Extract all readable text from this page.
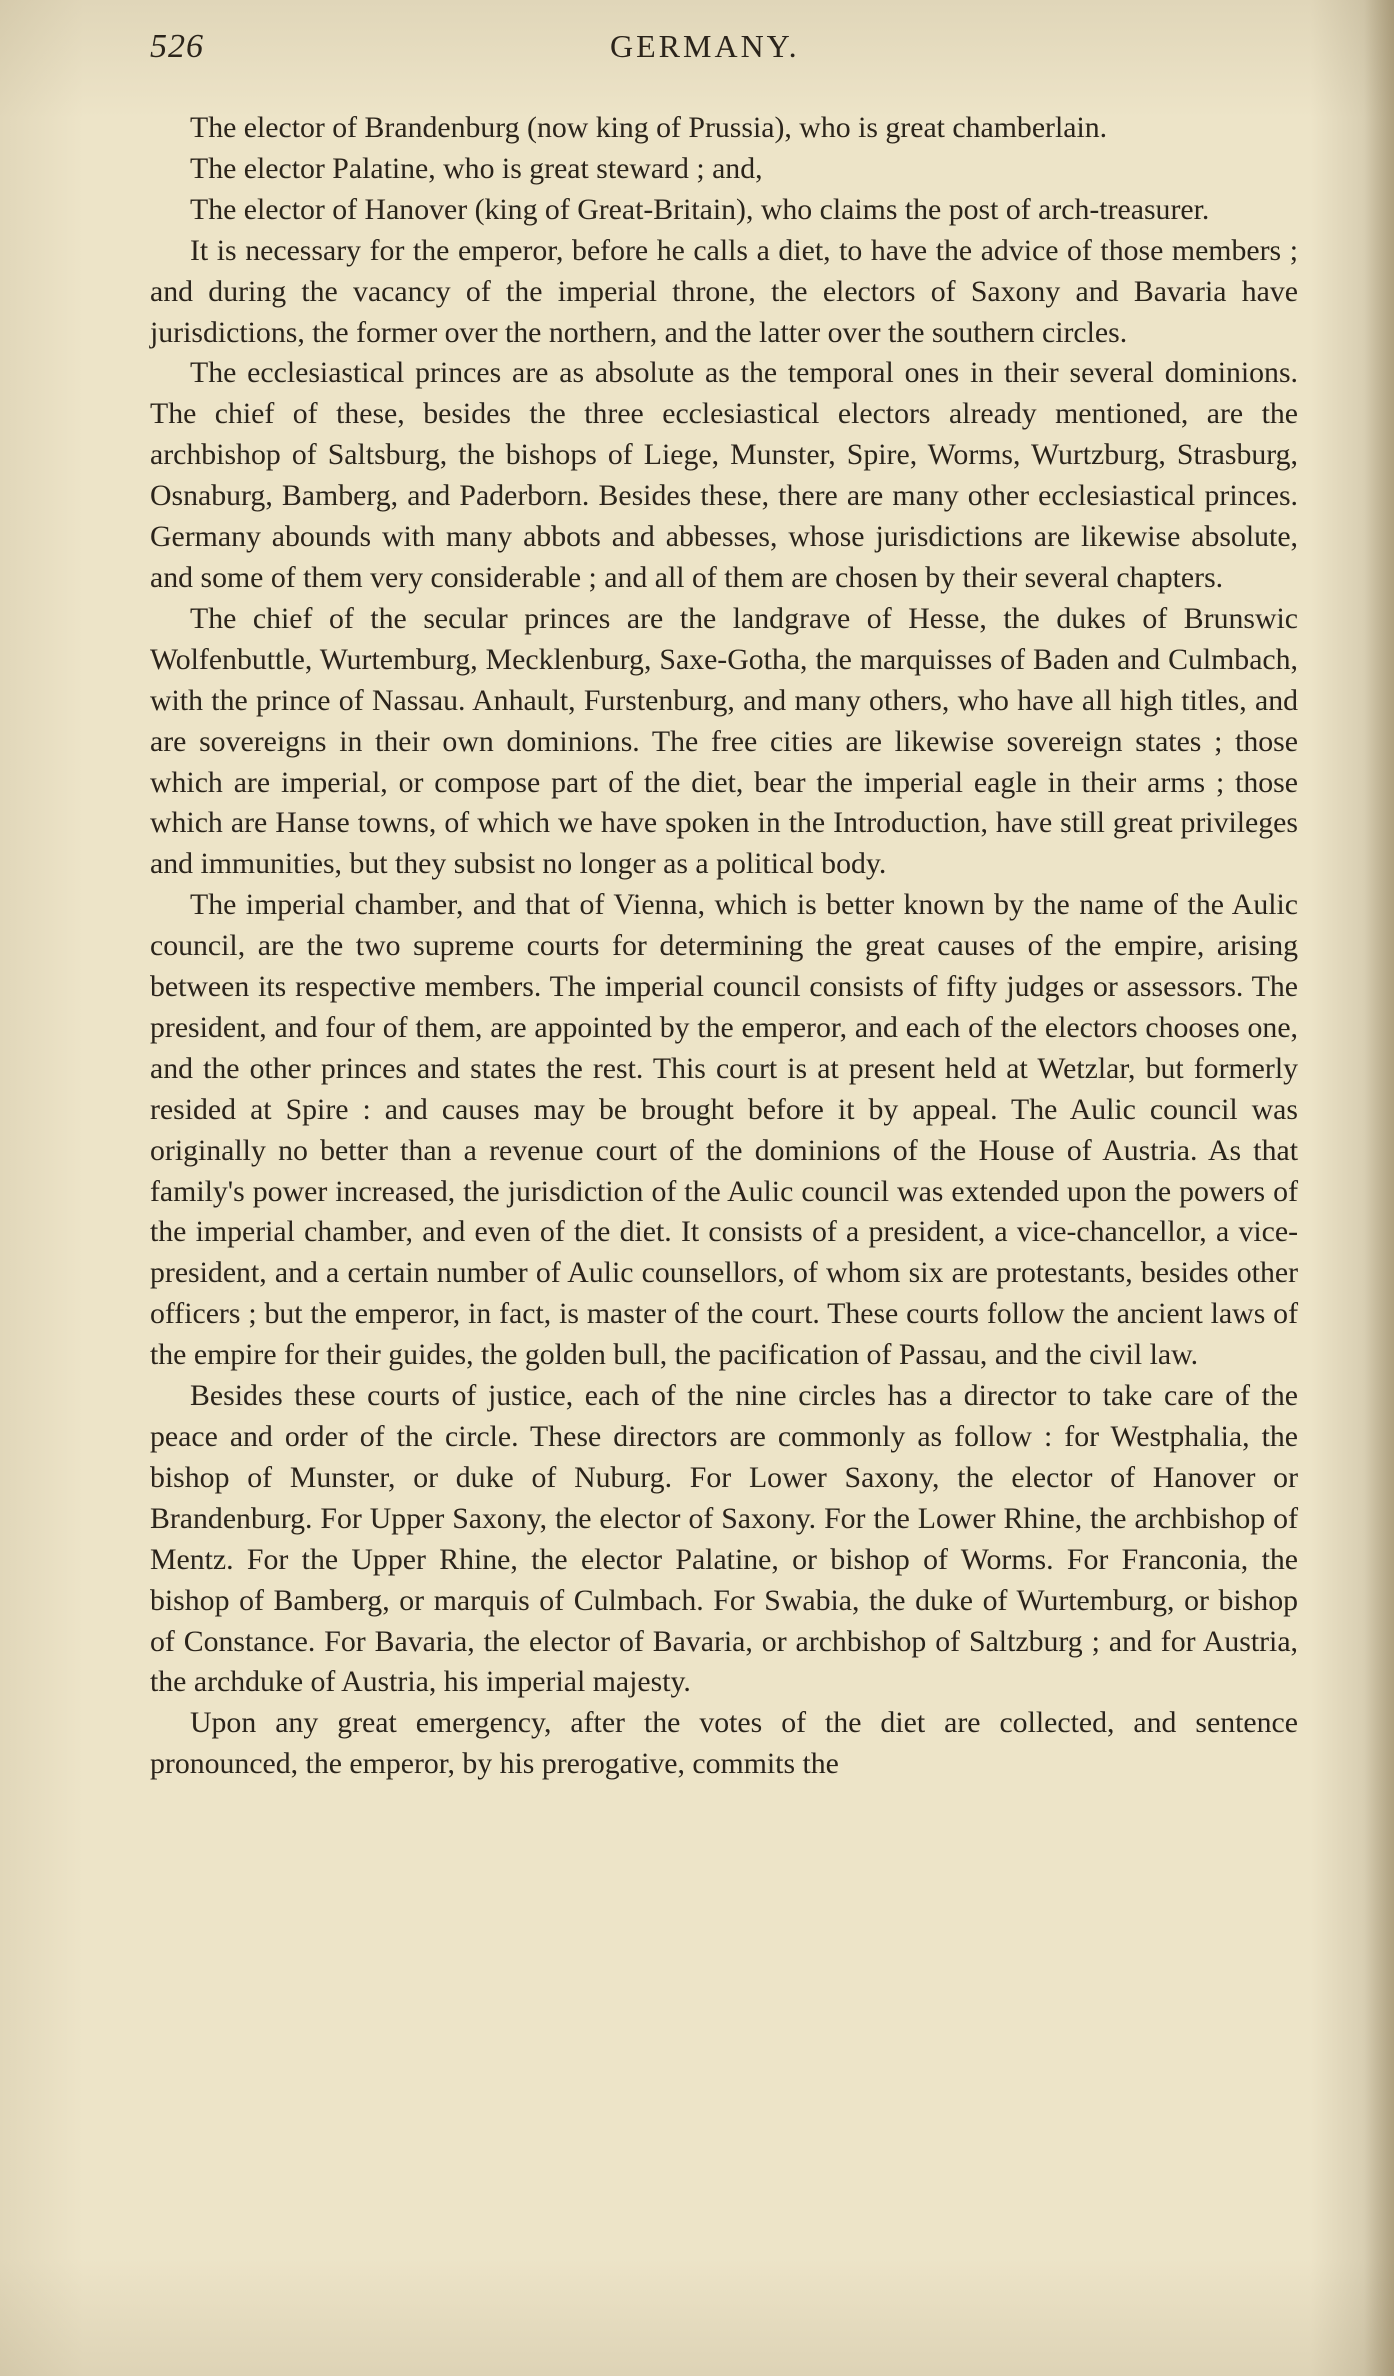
526	GERMANY.

The elector of Brandenburg (now king of Prussia), who is great chamberlain.

The elector Palatine, who is great steward ; and,

The elector of Hanover (king of Great-Britain), who claims the post of arch-treasurer.

It is necessary for the emperor, before he calls a diet, to have the advice of those members ; and during the vacancy of the imperial throne, the electors of Saxony and Bavaria have jurisdictions, the former over the northern, and the latter over the southern circles.

The ecclesiastical princes are as absolute as the temporal ones in their several dominions. The chief of these, besides the three ecclesiastical electors already mentioned, are the archbishop of Saltsburg, the bishops of Liege, Munster, Spire, Worms, Wurtzburg, Strasburg, Osnaburg, Bamberg, and Paderborn. Besides these, there are many other ecclesiastical princes. Germany abounds with many abbots and abbesses, whose jurisdictions are likewise absolute, and some of them very considerable ; and all of them are chosen by their several chapters.

The chief of the secular princes are the landgrave of Hesse, the dukes of Brunswic Wolfenbuttle, Wurtemburg, Mecklenburg, Saxe-Gotha, the marquisses of Baden and Culmbach, with the prince of Nassau. Anhault, Furstenburg, and many others, who have all high titles, and are sovereigns in their own dominions. The free cities are likewise sovereign states ; those which are imperial, or compose part of the diet, bear the imperial eagle in their arms ; those which are Hanse towns, of which we have spoken in the Introduction, have still great privileges and immunities, but they subsist no longer as a political body.

The imperial chamber, and that of Vienna, which is better known by the name of the Aulic council, are the two supreme courts for determining the great causes of the empire, arising between its respective members. The imperial council consists of fifty judges or assessors. The president, and four of them, are appointed by the emperor, and each of the electors chooses one, and the other princes and states the rest. This court is at present held at Wetzlar, but formerly resided at Spire : and causes may be brought before it by appeal. The Aulic council was originally no better than a revenue court of the dominions of the House of Austria. As that family's power increased, the jurisdiction of the Aulic council was extended upon the powers of the imperial chamber, and even of the diet. It consists of a president, a vice-chancellor, a vice-president, and a certain number of Aulic counsellors, of whom six are protestants, besides other officers ; but the emperor, in fact, is master of the court. These courts follow the ancient laws of the empire for their guides, the golden bull, the pacification of Passau, and the civil law.

Besides these courts of justice, each of the nine circles has a director to take care of the peace and order of the circle. These directors are commonly as follow : for Westphalia, the bishop of Munster, or duke of Nuburg. For Lower Saxony, the elector of Hanover or Brandenburg. For Upper Saxony, the elector of Saxony. For the Lower Rhine, the archbishop of Mentz. For the Upper Rhine, the elector Palatine, or bishop of Worms. For Franconia, the bishop of Bamberg, or marquis of Culmbach. For Swabia, the duke of Wurtemburg, or bishop of Constance. For Bavaria, the elector of Bavaria, or archbishop of Saltzburg ; and for Austria, the archduke of Austria, his imperial majesty.

Upon any great emergency, after the votes of the diet are collected, and sentence pronounced, the emperor, by his prerogative, commits the
